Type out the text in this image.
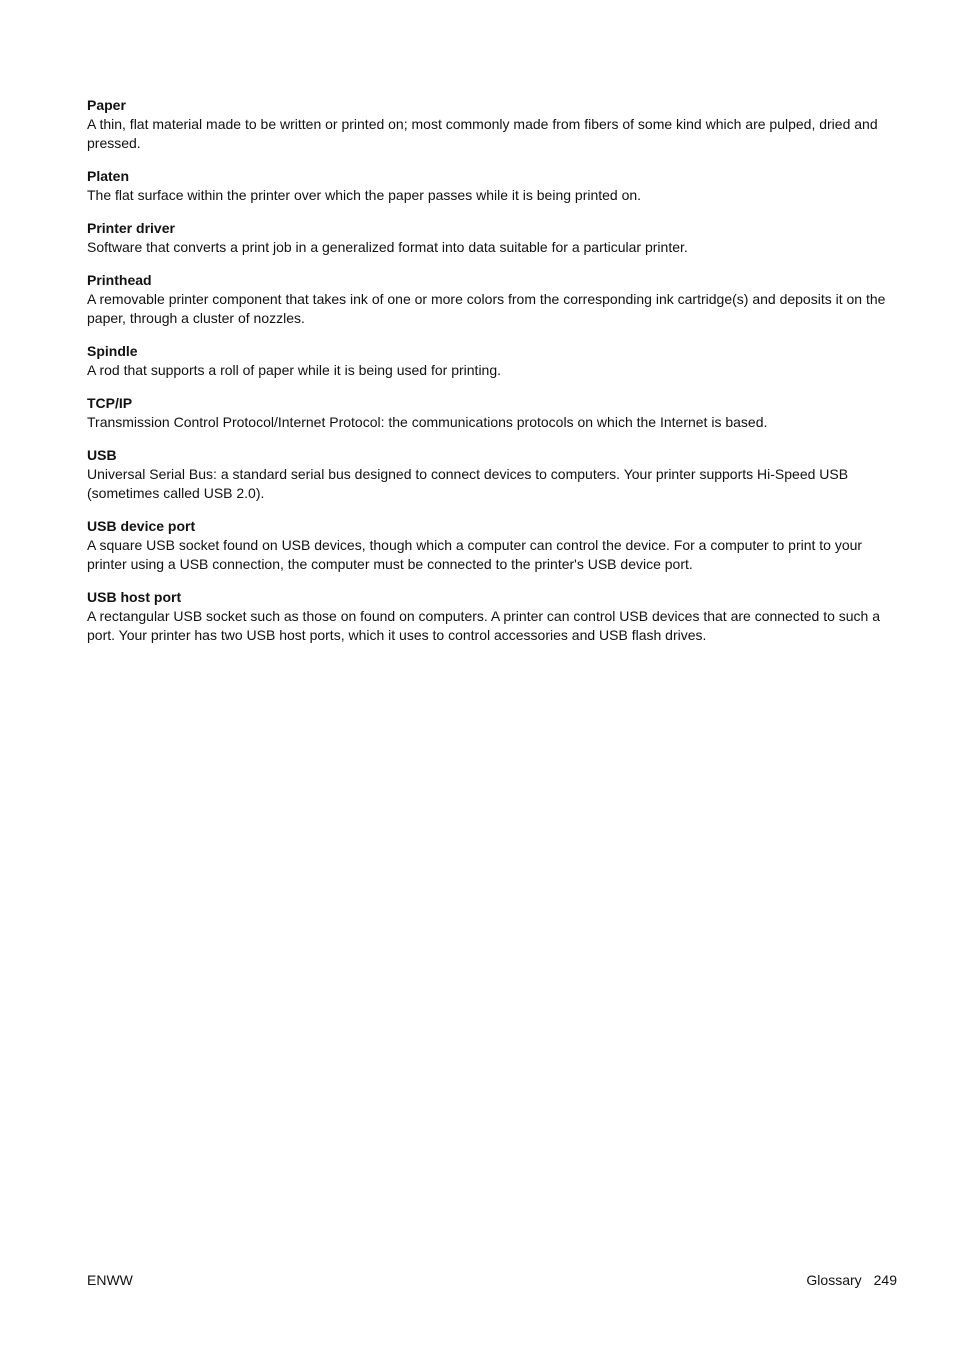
Paper

A thin, flat material made to be written or printed on; most commonly made from fibers of some kind which are pulped, dried and pressed.

Platen

The flat surface within the printer over which the paper passes while it is being printed on.

Printer driver

Software that converts a print job in a generalized format into data suitable for a particular printer.

Printhead

A removable printer component that takes ink of one or more colors from the corresponding ink cartridge(s) and deposits it on the paper, through a cluster of nozzles.

Spindle

A rod that supports a roll of paper while it is being used for printing.

TCP/IP

Transmission Control Protocol/Internet Protocol: the communications protocols on which the Internet is based.

USB

Universal Serial Bus: a standard serial bus designed to connect devices to computers. Your printer supports Hi-Speed USB (sometimes called USB 2.0).

USB device port

A square USB socket found on USB devices, though which a computer can control the device. For a computer to print to your printer using a USB connection, the computer must be connected to the printer's USB device port.

USB host port

A rectangular USB socket such as those on found on computers. A printer can control USB devices that are connected to such a port. Your printer has two USB host ports, which it uses to control accessories and USB flash drives.

ENWW	Glossary 249
